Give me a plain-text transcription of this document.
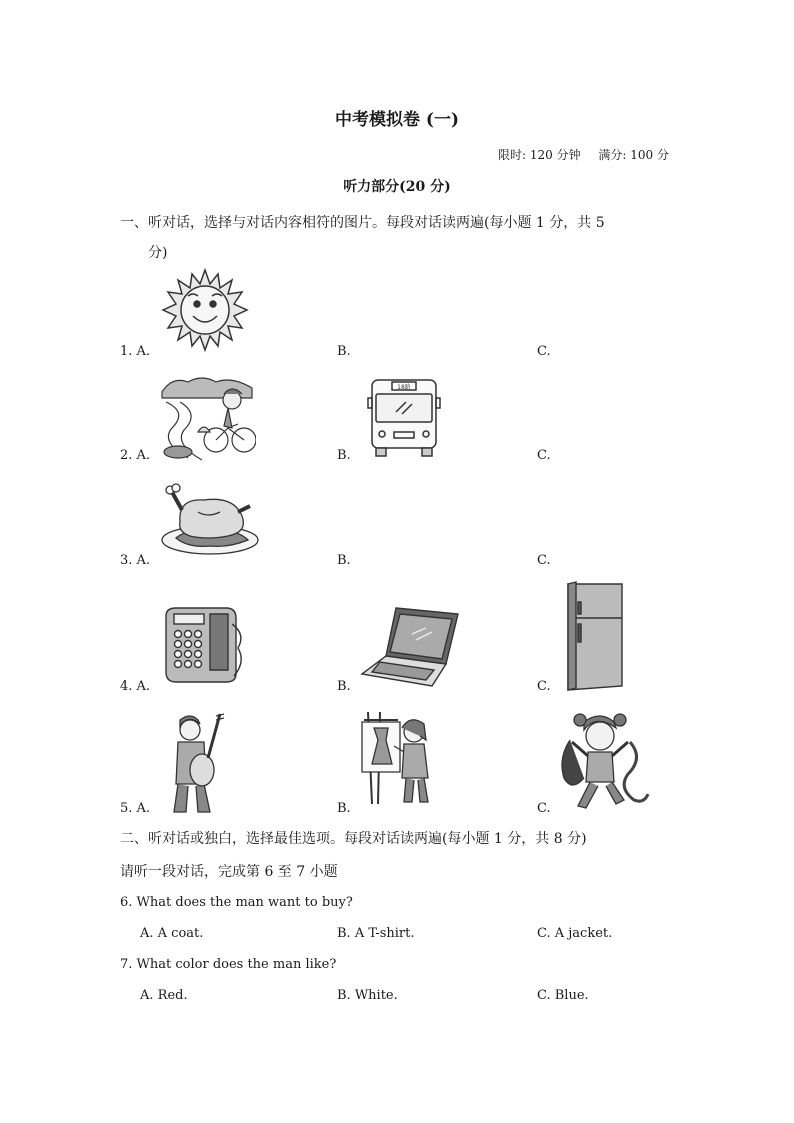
中考模拟卷 (一)
限时: 120 分钟 满分: 100 分
听力部分(20 分)
一、听对话，选择与对话内容相符的图片。每段对话读两遍(每小题 1 分，共 5
分)
1. A.	B.	C.
2. A.	B.	C.
18路
3. A.	B.	C.
4. A.	B.	C.
5. A.	B.	C.
二、听对话或独白，选择最佳选项。每段对话读两遍(每小题 1 分，共 8 分)
请听一段对话，完成第 6 至 7 小题
6. What does the man want to buy?
A. A coat.	B. A T-shirt.	C. A jacket.
7. What color does the man like?
A. Red.	B. White.	C. Blue.
